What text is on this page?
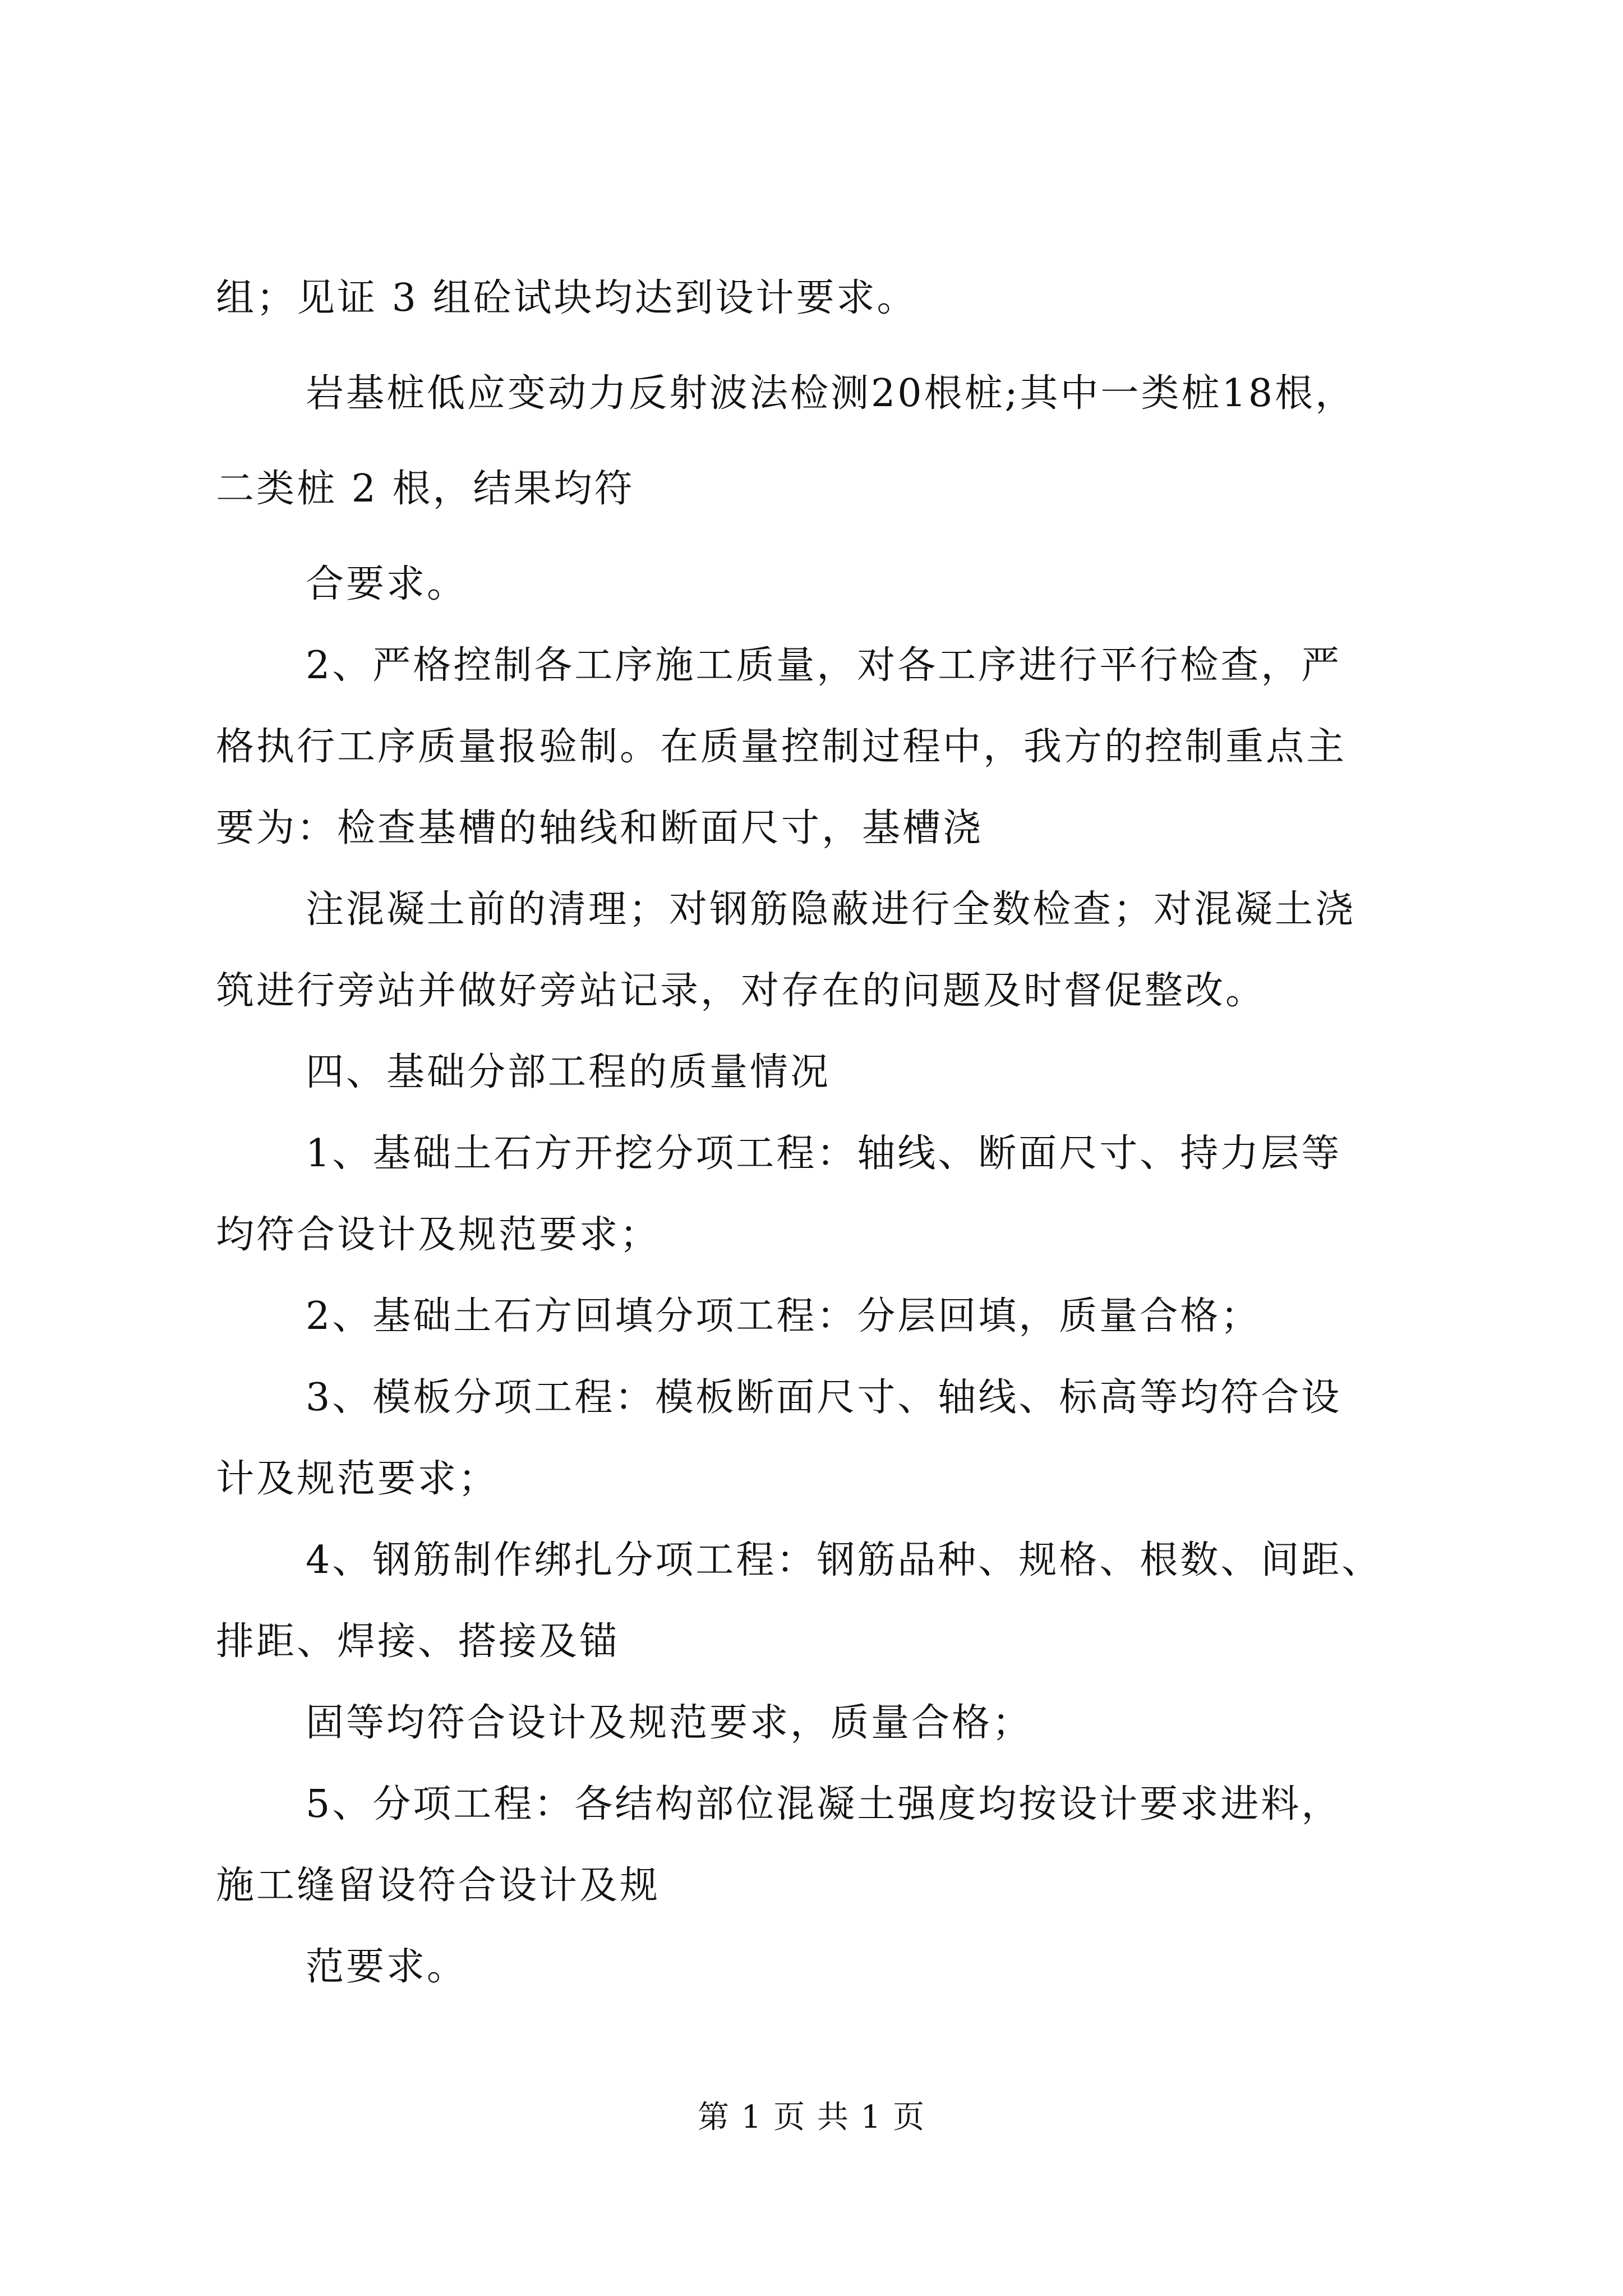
组；见证 3 组砼试块均达到设计要求。
岩基桩低应变动力反射波法检测20根桩;其中一类桩18根，
二类桩 2 根，结果均符
合要求。
2、严格控制各工序施工质量，对各工序进行平行检查，严
格执行工序质量报验制。在质量控制过程中，我方的控制重点主
要为：检查基槽的轴线和断面尺寸，基槽浇
注混凝土前的清理；对钢筋隐蔽进行全数检查；对混凝土浇
筑进行旁站并做好旁站记录，对存在的问题及时督促整改。
四、基础分部工程的质量情况
1、基础土石方开挖分项工程：轴线、断面尺寸、持力层等
均符合设计及规范要求；
2、基础土石方回填分项工程：分层回填，质量合格；
3、模板分项工程：模板断面尺寸、轴线、标高等均符合设
计及规范要求；
4、钢筋制作绑扎分项工程：钢筋品种、规格、根数、间距、
排距、焊接、搭接及锚
固等均符合设计及规范要求，质量合格；
5、分项工程：各结构部位混凝土强度均按设计要求进料，
施工缝留设符合设计及规
范要求。
第 1 页 共 1 页
